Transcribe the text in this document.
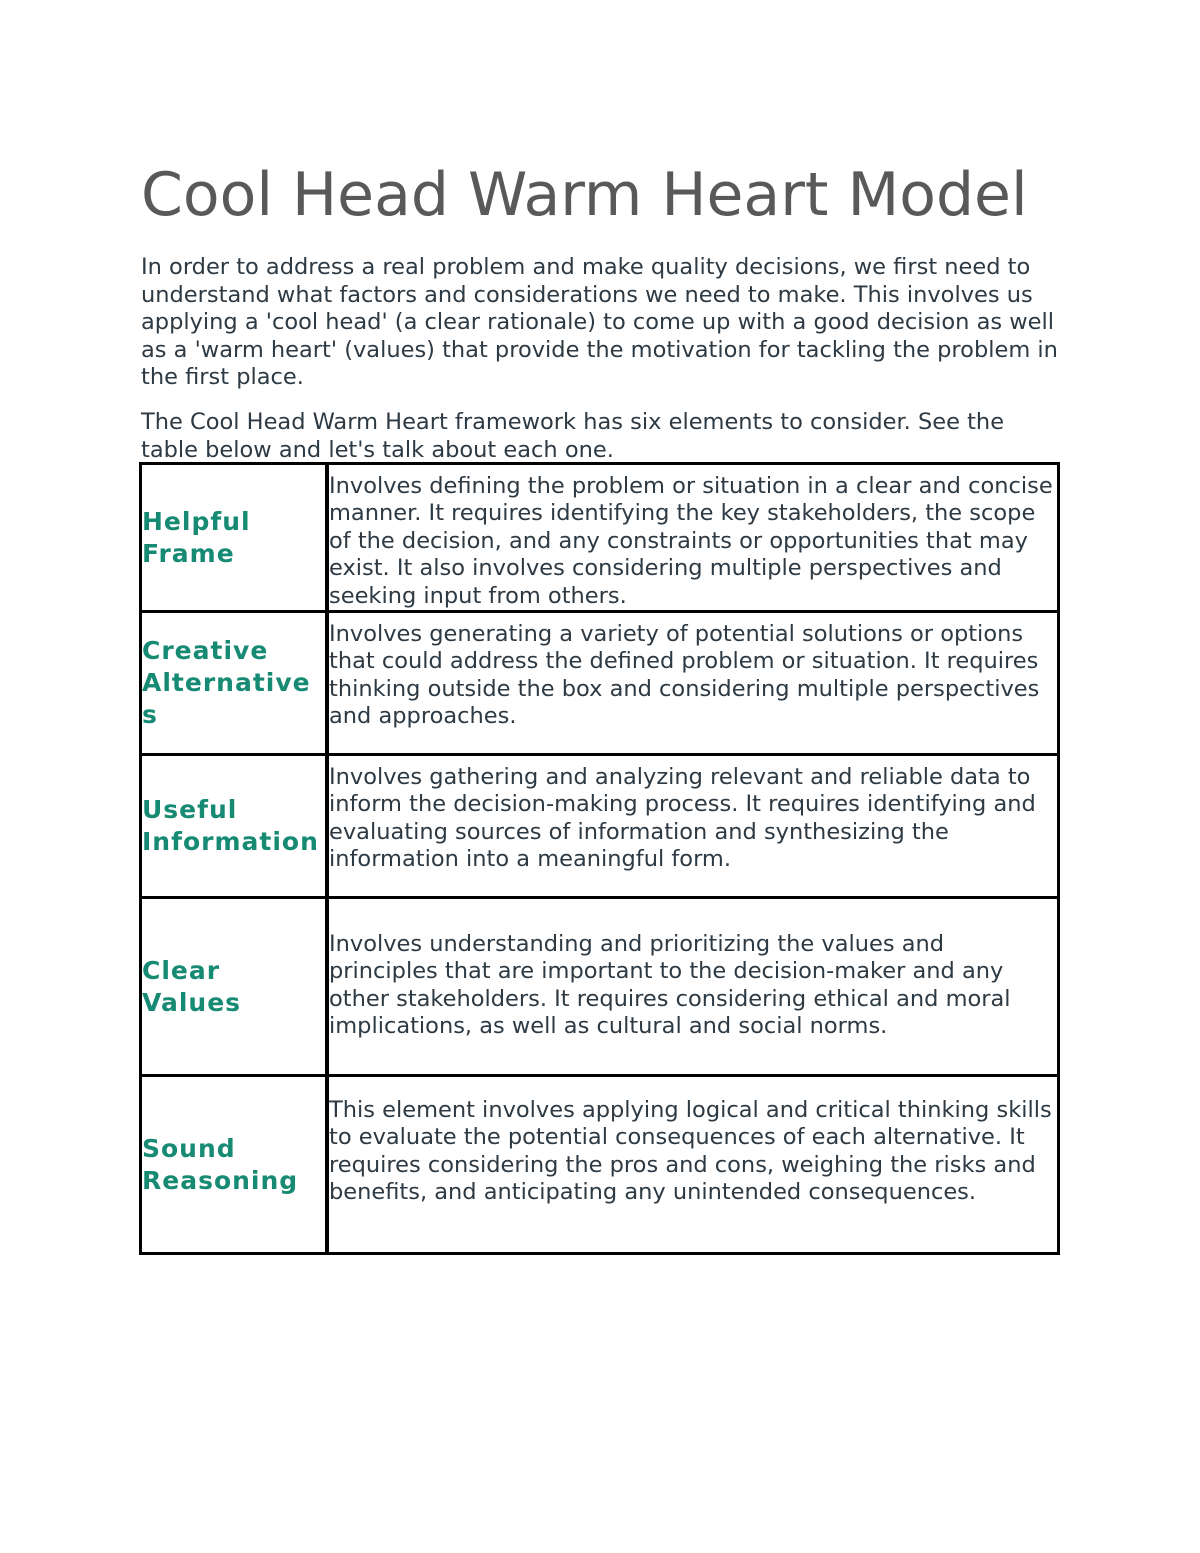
Cool Head Warm Heart Model

In order to address a real problem and make quality decisions, we first need to understand what factors and considerations we need to make. This involves us applying a 'cool head' (a clear rationale) to come up with a good decision as well as a 'warm heart' (values) that provide the motivation for tackling the problem in the first place.

The Cool Head Warm Heart framework has six elements to consider. See the table below and let's talk about each one.

Helpful Frame	Involves defining the problem or situation in a clear and concise manner. It requires identifying the key stakeholders, the scope of the decision, and any constraints or opportunities that may exist. It also involves considering multiple perspectives and seeking input from others.
Creative Alternatives	Involves generating a variety of potential solutions or options that could address the defined problem or situation. It requires thinking outside the box and considering multiple perspectives and approaches.
Useful Information	Involves gathering and analyzing relevant and reliable data to inform the decision-making process. It requires identifying and evaluating sources of information and synthesizing the information into a meaningful form.
Clear Values	Involves understanding and prioritizing the values and principles that are important to the decision-maker and any other stakeholders. It requires considering ethical and moral implications, as well as cultural and social norms.
Sound Reasoning	This element involves applying logical and critical thinking skills to evaluate the potential consequences of each alternative. It requires considering the pros and cons, weighing the risks and benefits, and anticipating any unintended consequences.
